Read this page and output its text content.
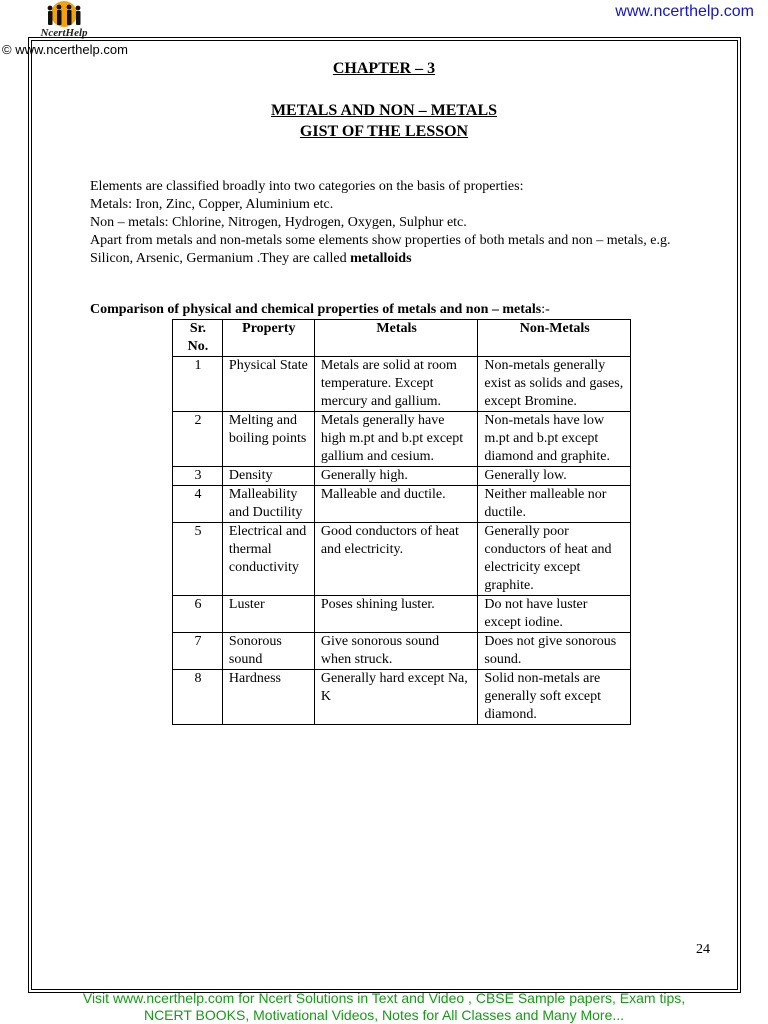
NcertHelp
© www.ncerthelp.com
www.ncerthelp.com
CHAPTER – 3
METALS AND NON – METALS
GIST OF THE LESSON

Elements are classified broadly into two categories on the basis of properties:

Metals: Iron, Zinc, Copper, Aluminium etc.

Non – metals: Chlorine, Nitrogen, Hydrogen, Oxygen, Sulphur etc.

Apart from metals and non-metals some elements show properties of both metals and non – metals, e.g. Silicon, Arsenic, Germanium .They are called metalloids

Comparison of physical and chemical properties of metals and non – metals:-
Sr. No.	Property	Metals	Non-Metals
1	Physical State	Metals are solid at room temperature. Except mercury and gallium.	Non-metals generally exist as solids and gases, except Bromine.
2	Melting and boiling points	Metals generally have high m.pt and b.pt except gallium and cesium.	Non-metals have low m.pt and b.pt except diamond and graphite.
3	Density	Generally high.	Generally low.
4	Malleability and Ductility	Malleable and ductile.	Neither malleable nor ductile.
5	Electrical and thermal conductivity	Good conductors of heat and electricity.	Generally poor conductors of heat and electricity except graphite.
6	Luster	Poses shining luster.	Do not have luster except iodine.
7	Sonorous sound	Give sonorous sound when struck.	Does not give sonorous sound.
8	Hardness	Generally hard except Na, K	Solid non-metals are generally soft except diamond.
24
Visit www.ncerthelp.com for Ncert Solutions in Text and Video , CBSE Sample papers, Exam tips,
NCERT BOOKS, Motivational Videos, Notes for All Classes and Many More...
